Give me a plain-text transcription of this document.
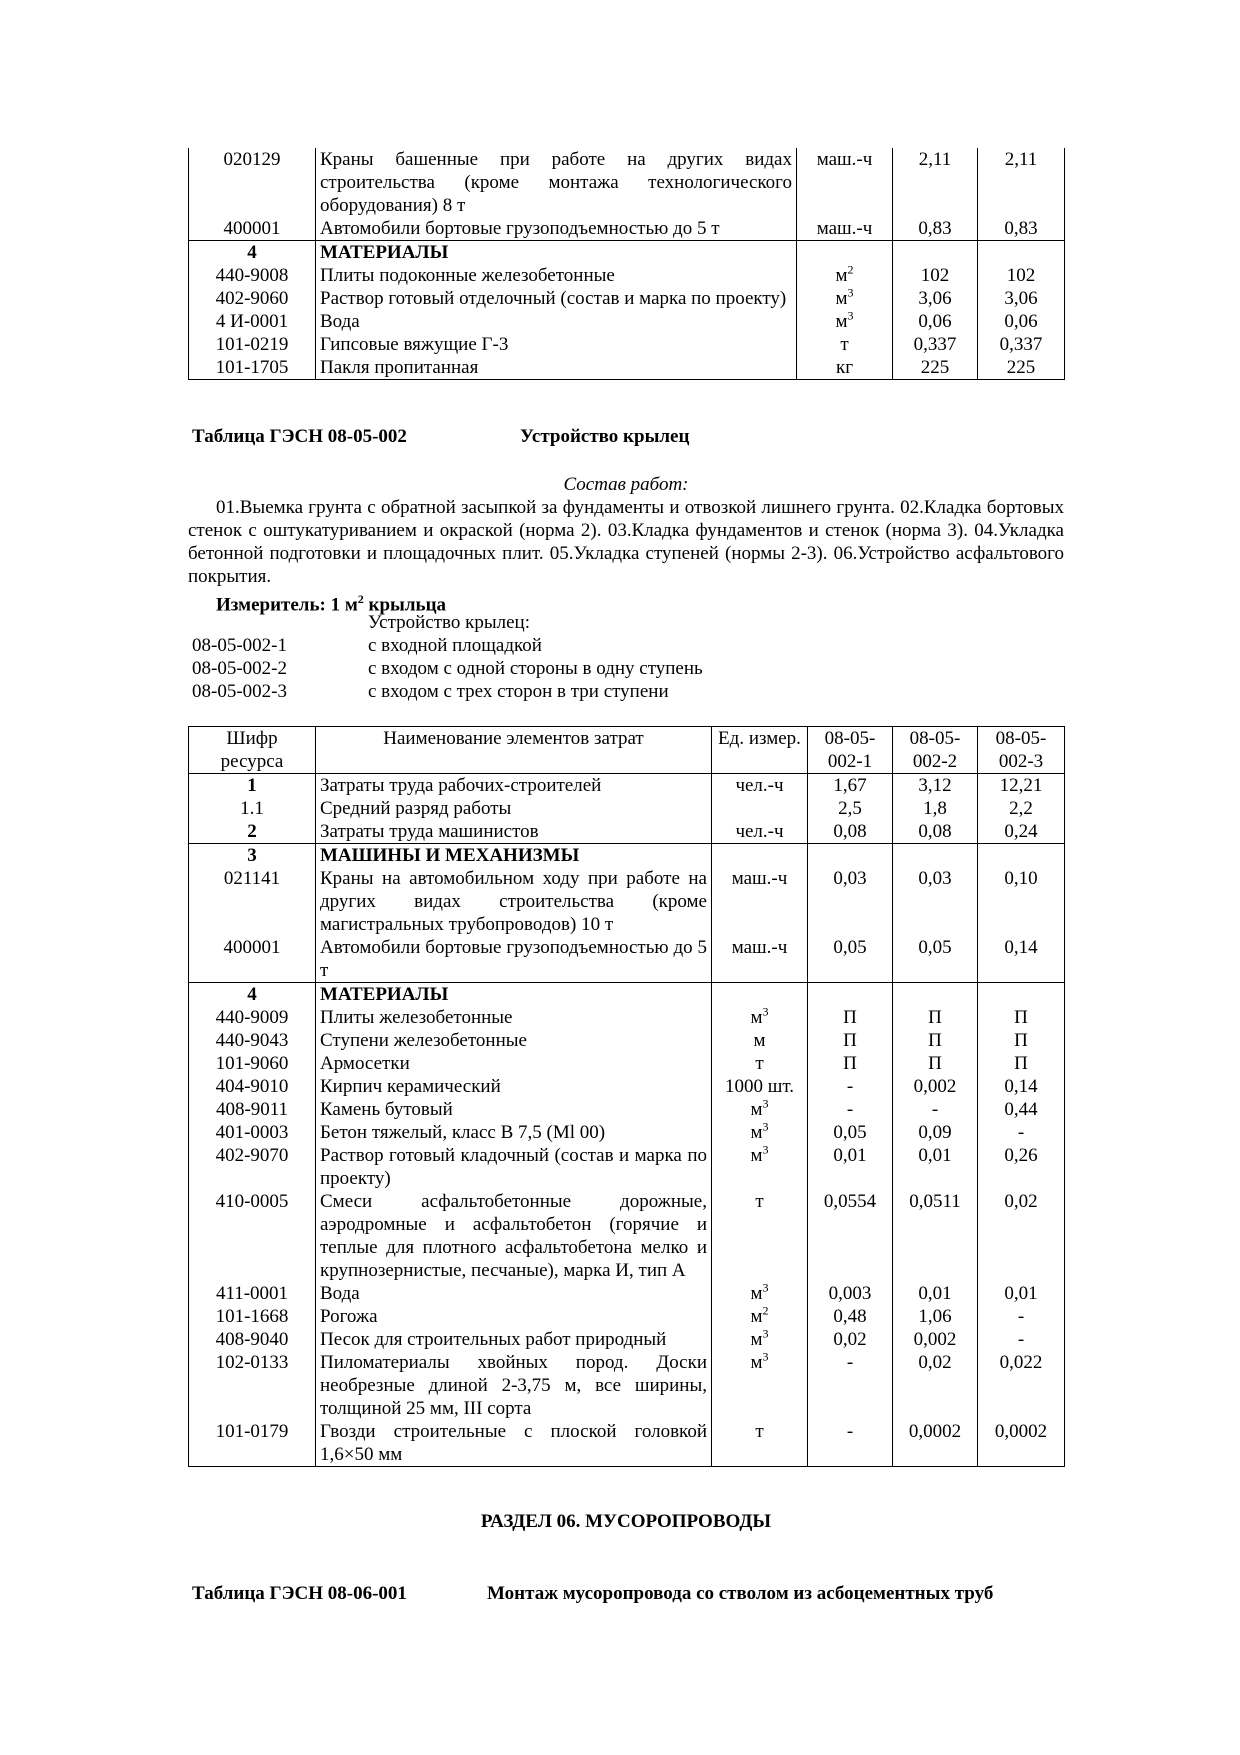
020129	Краны башенные при работе на других видах строительства (кроме монтажа технологического оборудования) 8 т	маш.-ч	2,11	2,11
400001	Автомобили бортовые грузоподъемностью до 5 т	маш.-ч	0,83	0,83
4	МАТЕРИАЛЫ			
440-9008	Плиты подоконные железобетонные	$м^2$	102	102
402-9060	Раствор готовый отделочный (состав и марка по проекту)	$м^3$	3,06	3,06
4 И-0001	Вода	$м^3$	0,06	0,06
101-0219	Гипсовые вяжущие Г-3	т	0,337	0,337
101-1705	Пакля пропитанная	кг	225	225
Таблица ГЭСН 08-05-002	Устройство крылец
Состав работ:
01.Выемка грунта с обратной засыпкой за фундаменты и отвозкой лишнего грунта. 02.Кладка бортовых стенок с оштукатуриванием и окраской (норма 2). 03.Кладка фундаментов и стенок (норма 3). 04.Укладка бетонной подготовки и площадочных плит. 05.Укладка ступеней (нормы 2-3). 06.Устройство асфальтового покрытия.
Измеритель: 1 $м^2$ крыльца
Устройство крылец:
08-05-002-1	с входной площадкой
08-05-002-2	с входом с одной стороны в одну ступень
08-05-002-3	с входом с трех сторон в три ступени
Шифр ресурса	Наименование элементов затрат	Ед. измер.	08-05-002-1	08-05-002-2	08-05-002-3
1	Затраты труда рабочих-строителей	чел.-ч	1,67	3,12	12,21
1.1	Средний разряд работы		2,5	1,8	2,2
2	Затраты труда машинистов	чел.-ч	0,08	0,08	0,24
3	МАШИНЫ И МЕХАНИЗМЫ				
021141	Краны на автомобильном ходу при работе на других видах строительства (кроме магистральных трубопроводов) 10 т	маш.-ч	0,03	0,03	0,10
400001	Автомобили бортовые грузоподъемностью до 5 т	маш.-ч	0,05	0,05	0,14
4	МАТЕРИАЛЫ				
440-9009	Плиты железобетонные	$м^3$	П	П	П
440-9043	Ступени железобетонные	м	П	П	П
101-9060	Армосетки	т	П	П	П
404-9010	Кирпич керамический	1000 шт.	-	0,002	0,14
408-9011	Камень бутовый	$м^3$	-	-	0,44
401-0003	Бетон тяжелый, класс В 7,5 (Ml 00)	$м^3$	0,05	0,09	-
402-9070	Раствор готовый кладочный (состав и марка по проекту)	$м^3$	0,01	0,01	0,26
410-0005	Смеси асфальтобетонные дорожные, аэродромные и асфальтобетон (горячие и теплые для плотного асфальтобетона мелко и крупнозернистые, песчаные), марка И, тип А	т	0,0554	0,0511	0,02
411-0001	Вода	$м^3$	0,003	0,01	0,01
101-1668	Рогожа	$м^2$	0,48	1,06	-
408-9040	Песок для строительных работ природный	$м^3$	0,02	0,002	-
102-0133	Пиломатериалы хвойных пород. Доски необрезные длиной 2-3,75 м, все ширины, толщиной 25 мм, III сорта	$м^3$	-	0,02	0,022
101-0179	Гвозди строительные с плоской головкой 1,6×50 мм	т	-	0,0002	0,0002
РАЗДЕЛ 06. МУСОРОПРОВОДЫ
Таблица ГЭСН 08-06-001	Монтаж мусоропровода со стволом из асбоцементных труб
